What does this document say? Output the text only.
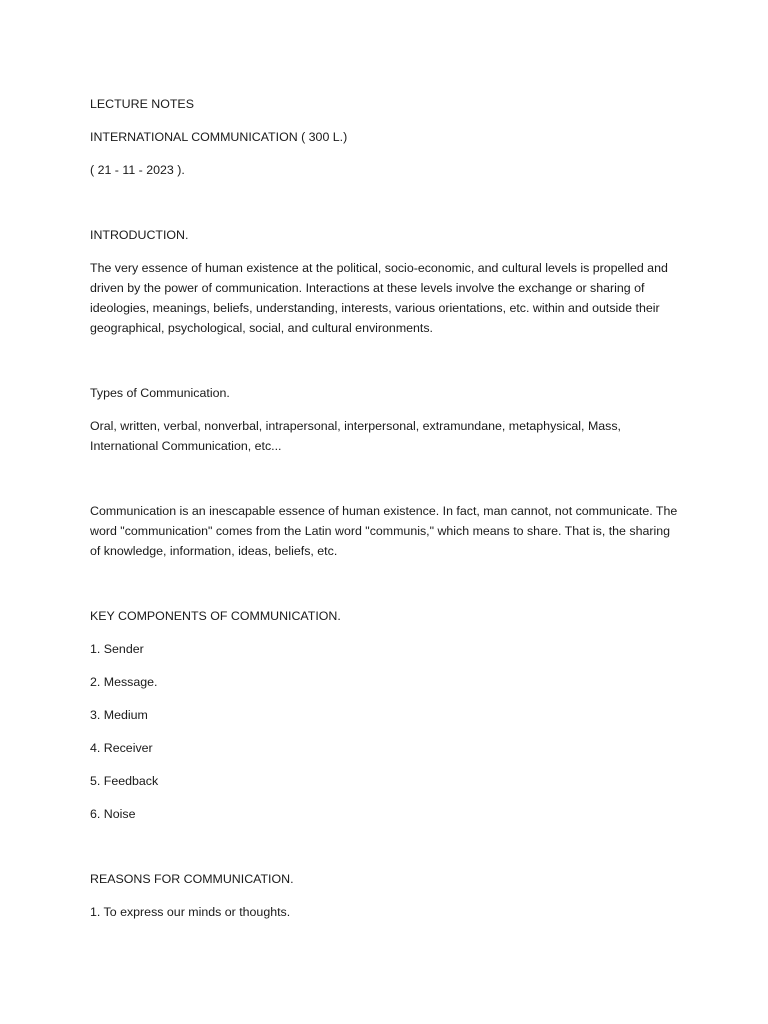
LECTURE NOTES

INTERNATIONAL COMMUNICATION ( 300 L.)

( 21 - 11 - 2023 ).

INTRODUCTION.

The very essence of human existence at the political, socio-economic, and cultural levels is propelled and driven by the power of communication. Interactions at these levels involve the exchange or sharing of ideologies, meanings, beliefs, understanding, interests, various orientations, etc. within and outside their geographical, psychological, social, and cultural environments.

Types of Communication.

Oral, written, verbal, nonverbal, intrapersonal, interpersonal, extramundane, metaphysical, Mass, International Communication, etc...

Communication is an inescapable essence of human existence. In fact, man cannot, not communicate. The word "communication" comes from the Latin word "communis," which means to share. That is, the sharing of knowledge, information, ideas, beliefs, etc.

KEY COMPONENTS OF COMMUNICATION.

1. Sender

2. Message.

3. Medium

4. Receiver

5. Feedback

6. Noise

REASONS FOR COMMUNICATION.

1. To express our minds or thoughts.
